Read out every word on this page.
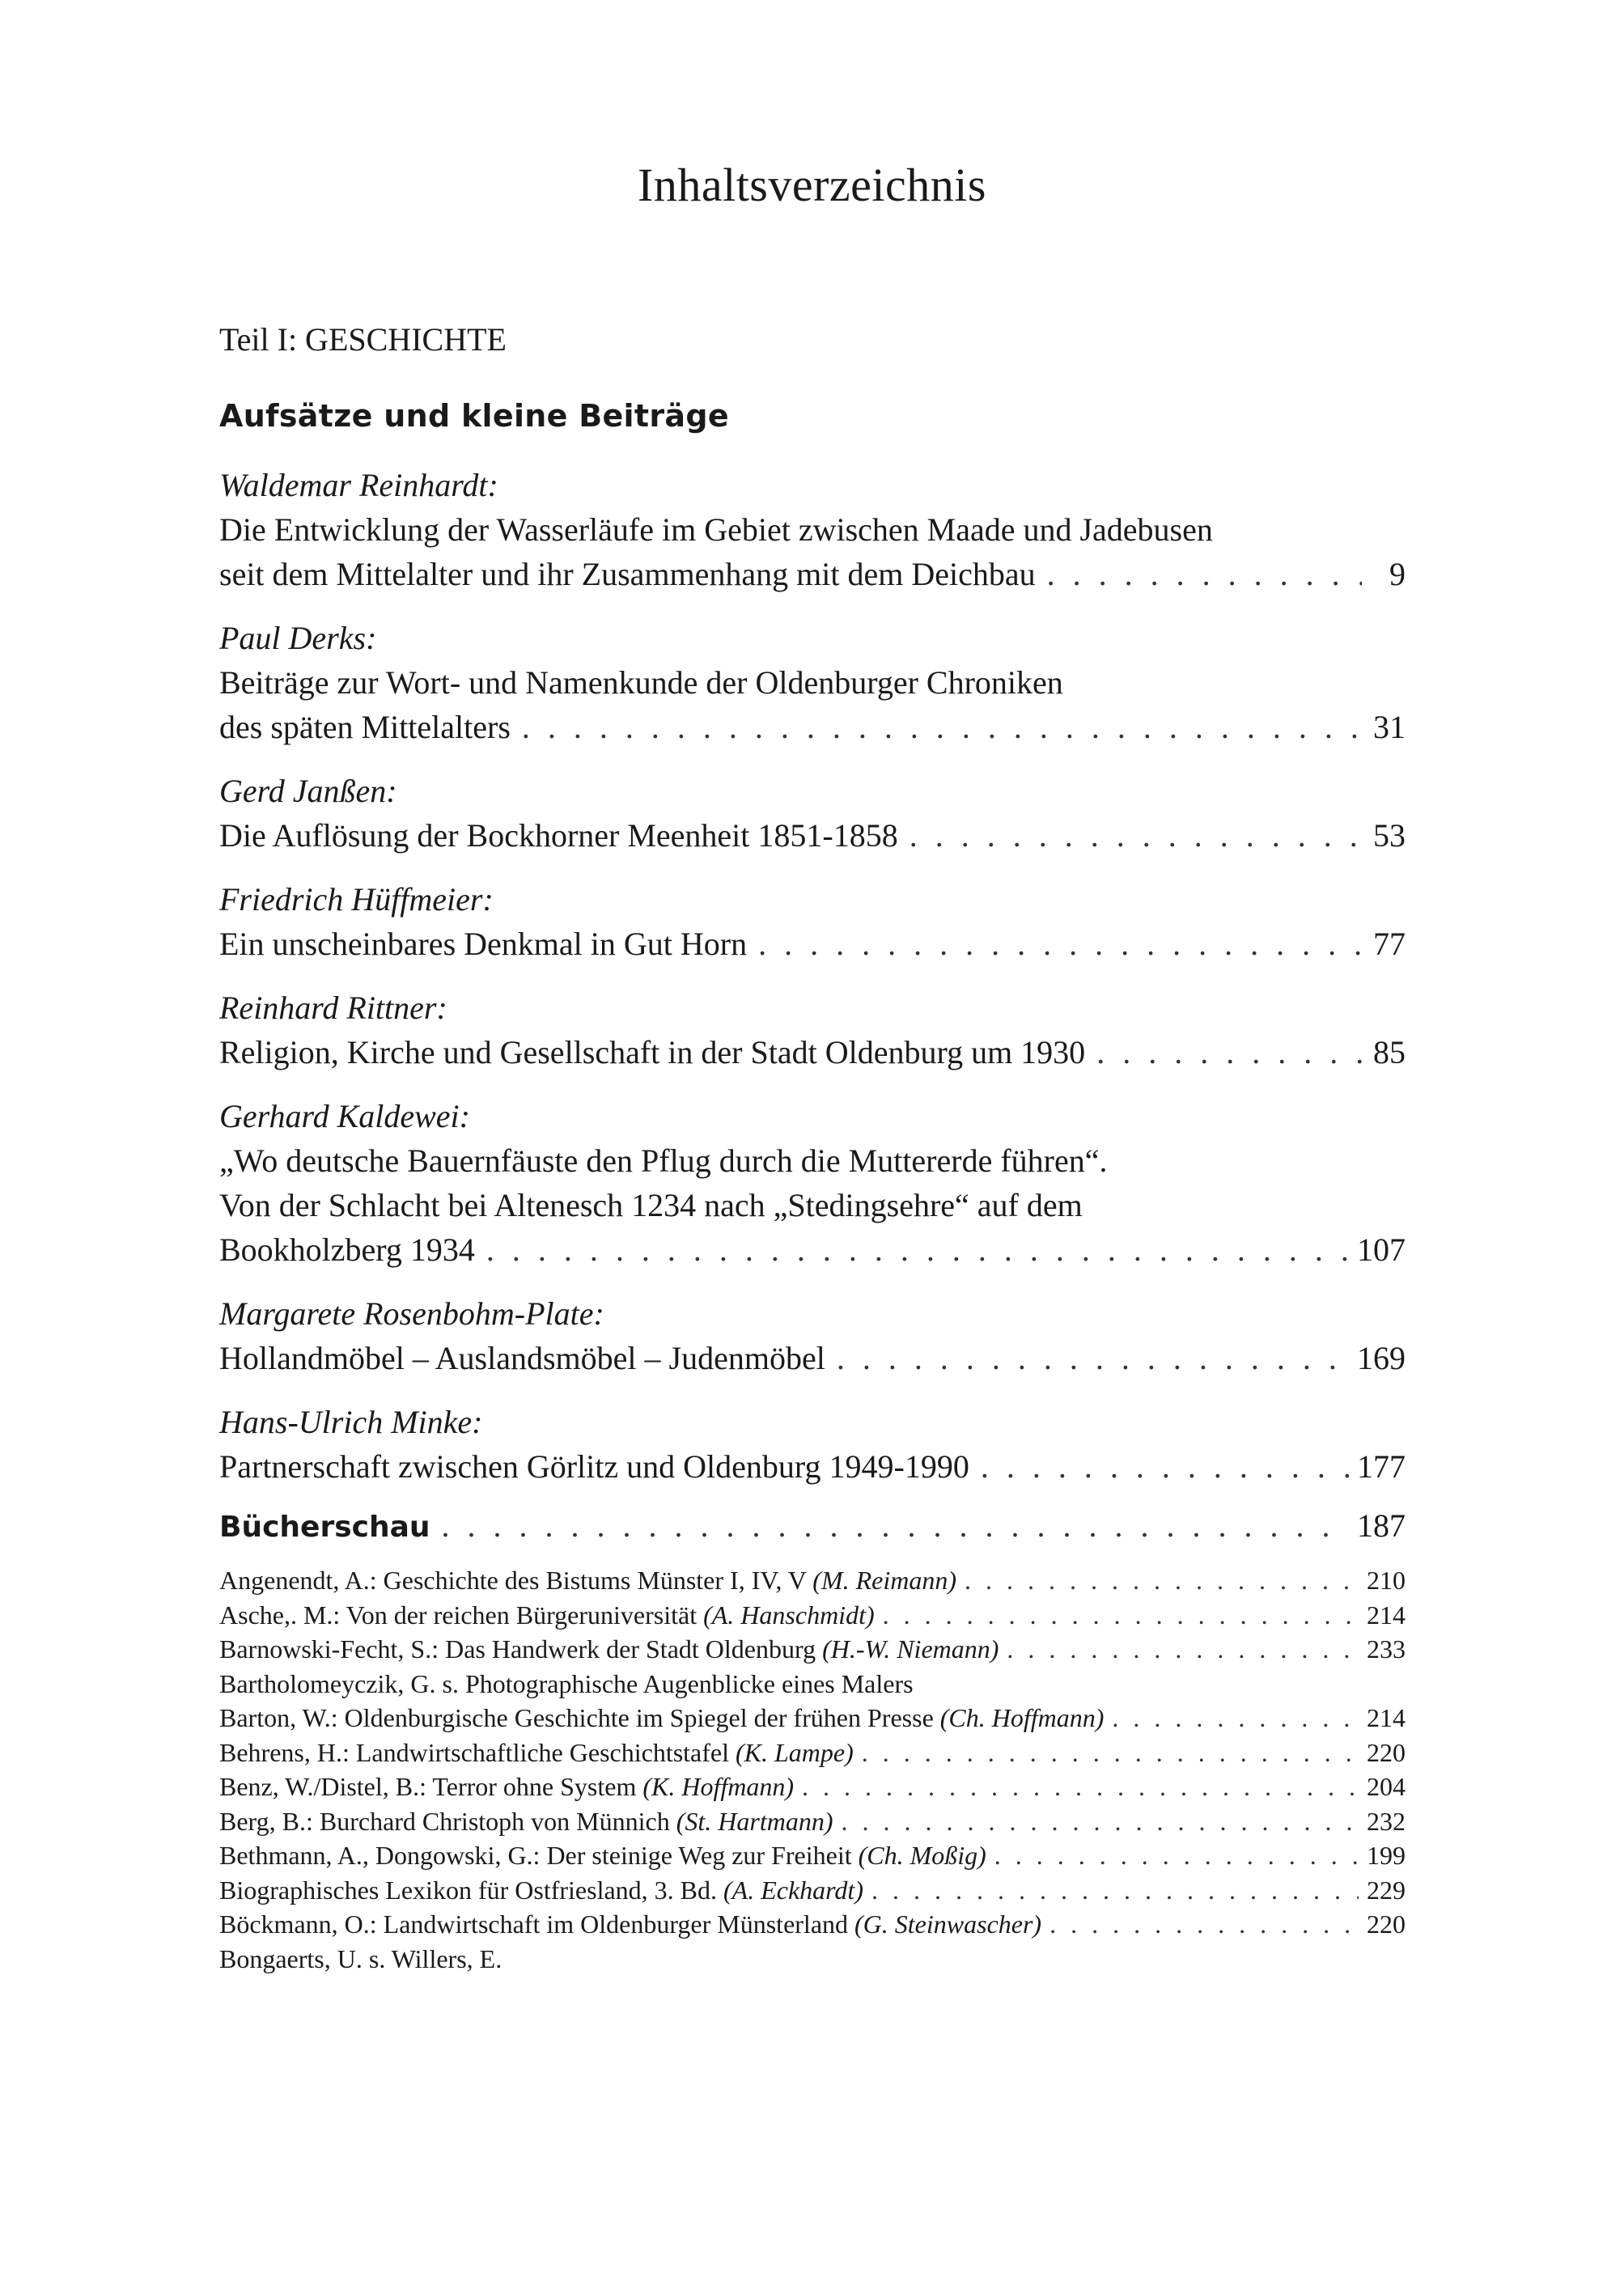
Inhaltsverzeichnis
Teil I: GESCHICHTE
Aufsätze und kleine Beiträge
Waldemar Reinhardt:
Die Entwicklung der Wasserläufe im Gebiet zwischen Maade und Jadebusen
seit dem Mittelalter und ihr Zusammenhang mit dem Deichbau . . .	9
Paul Derks:
Beiträge zur Wort- und Namenkunde der Oldenburger Chroniken
des späten Mittelalters . . .	31
Gerd Janßen:
Die Auflösung der Bockhorner Meenheit 1851-1858 . . .	53
Friedrich Hüffmeier:
Ein unscheinbares Denkmal in Gut Horn . . .	77
Reinhard Rittner:
Religion, Kirche und Gesellschaft in der Stadt Oldenburg um 1930 . . .	85
Gerhard Kaldewei:
„Wo deutsche Bauernfäuste den Pflug durch die Muttererde führen“.
Von der Schlacht bei Altenesch 1234 nach „Stedingsehre“ auf dem
Bookholzberg 1934 . . .	107
Margarete Rosenbohm-Plate:
Hollandmöbel – Auslandsmöbel – Judenmöbel . . .	169
Hans-Ulrich Minke:
Partnerschaft zwischen Görlitz und Oldenburg 1949-1990 . . .	177
Bücherschau . . .	187
Angenendt, A.: Geschichte des Bistums Münster I, IV, V (M. Reimann) . . .	210
Asche,. M.: Von der reichen Bürgeruniversität (A. Hanschmidt) . . .	214
Barnowski-Fecht, S.: Das Handwerk der Stadt Oldenburg (H.-W. Niemann) . . .	233
Bartholomeyczik, G. s. Photographische Augenblicke eines Malers
Barton, W.: Oldenburgische Geschichte im Spiegel der frühen Presse (Ch. Hoffmann) . . .	214
Behrens, H.: Landwirtschaftliche Geschichtstafel (K. Lampe) . . .	220
Benz, W./Distel, B.: Terror ohne System (K. Hoffmann) . . .	204
Berg, B.: Burchard Christoph von Münnich (St. Hartmann) . . .	232
Bethmann, A., Dongowski, G.: Der steinige Weg zur Freiheit (Ch. Moßig) . . .	199
Biographisches Lexikon für Ostfriesland, 3. Bd. (A. Eckhardt) . . .	229
Böckmann, O.: Landwirtschaft im Oldenburger Münsterland (G. Steinwascher) . . .	220
Bongaerts, U. s. Willers, E.
